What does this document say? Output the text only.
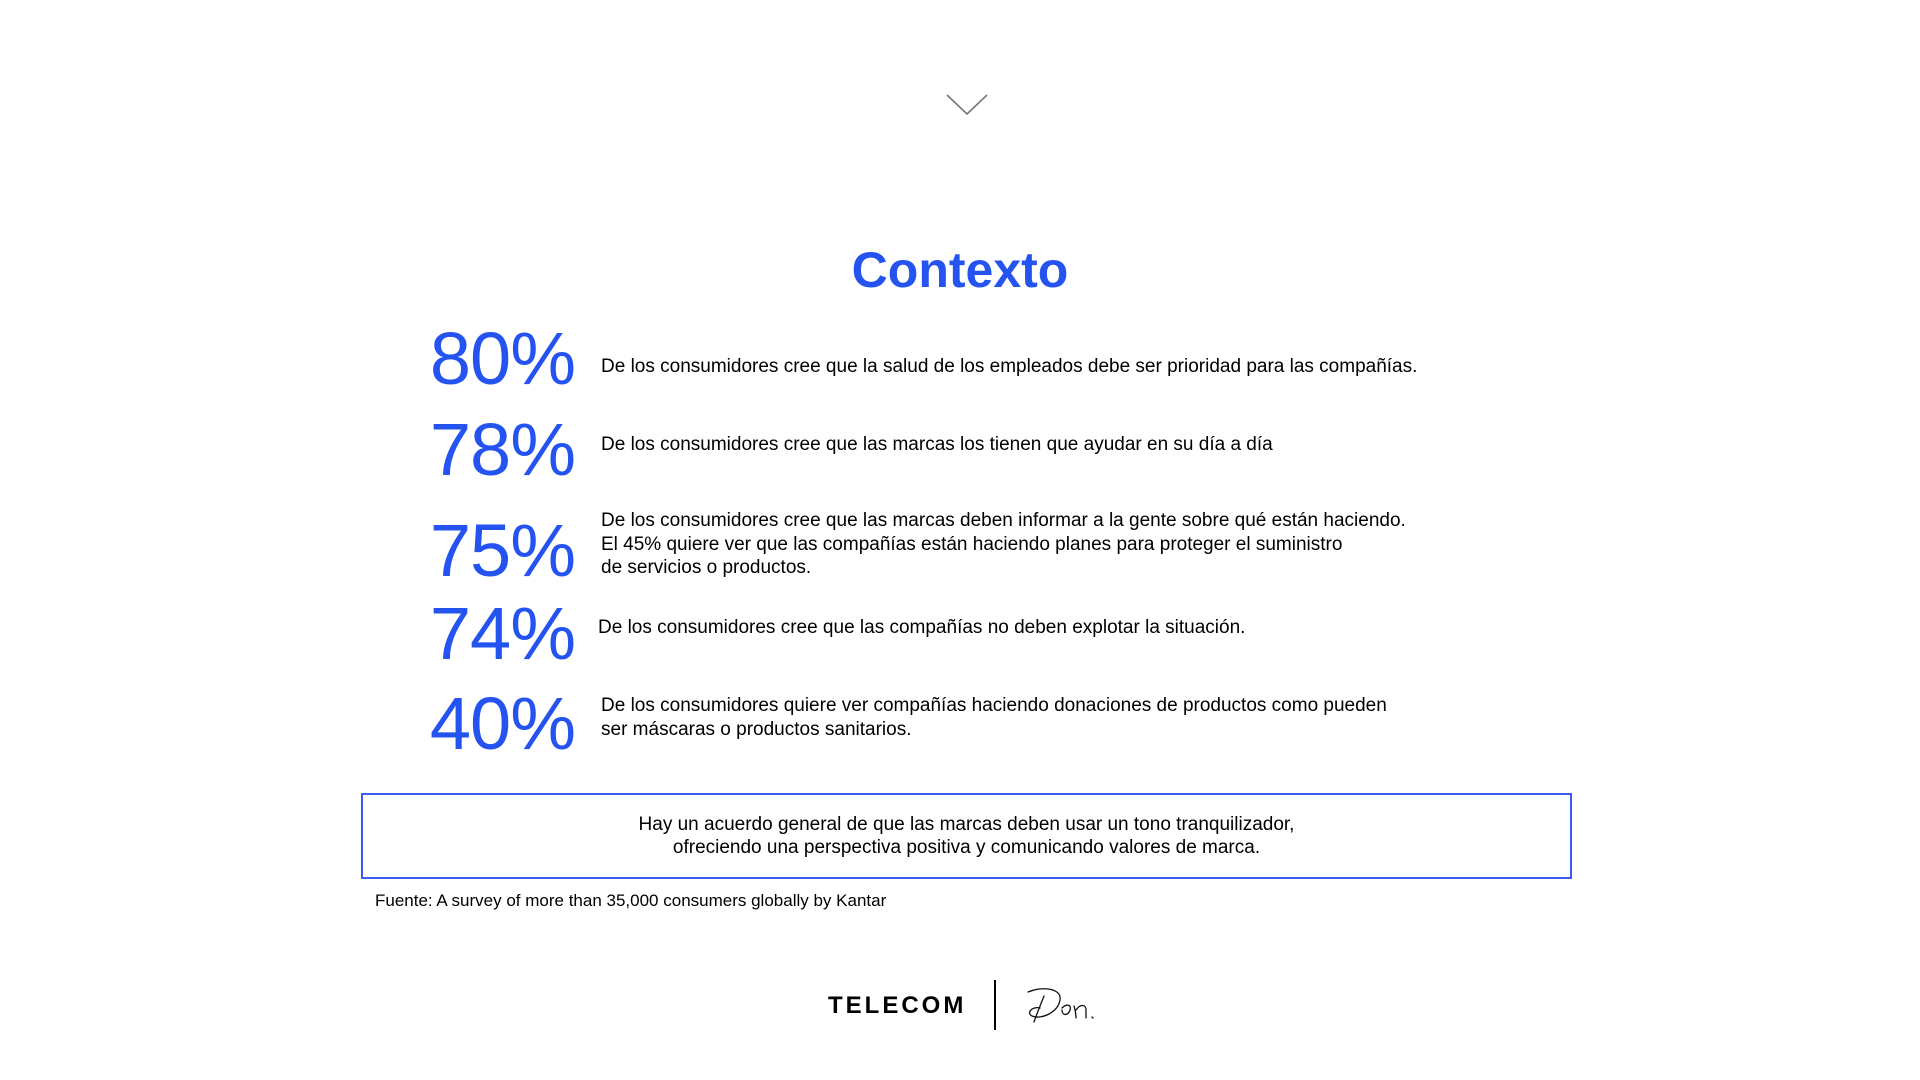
Contexto
80% De los consumidores cree que la salud de los empleados debe ser prioridad para las compañías.
78% De los consumidores cree que las marcas los tienen que ayudar en su día a día
75% De los consumidores cree que las marcas deben informar a la gente sobre qué están haciendo.
El 45% quiere ver que las compañías están haciendo planes para proteger el suministro
de servicios o productos.
74% De los consumidores cree que las compañías no deben explotar la situación.
40% De los consumidores quiere ver compañías haciendo donaciones de productos como pueden
ser máscaras o productos sanitarios.
Hay un acuerdo general de que las marcas deben usar un tono tranquilizador,
ofreciendo una perspectiva positiva y comunicando valores de marca.
Fuente: A survey of more than 35,000 consumers globally by Kantar
TELECOM
